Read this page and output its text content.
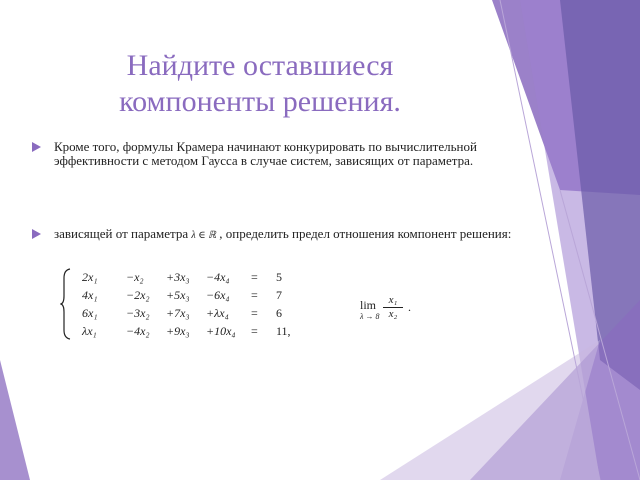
Найдите оставшиеся
компоненты решения.
Кроме того, формулы Крамера начинают конкурировать по вычислительной эффективности с методом Гаусса в случае систем, зависящих от параметра.
зависящей от параметра λ ∈ ℝ , определить предел отношения компонент решения:
2x₁ −x₂ +3x₃ −4x₄ = 5
4x₁ −2x₂ +5x₃ −6x₄ = 7
6x₁ −3x₂ +7x₃ +λx₄ = 6
λx₁ −4x₂ +9x₃ +10x₄ = 11,
lim
λ → 8
x₁
x₂ .
